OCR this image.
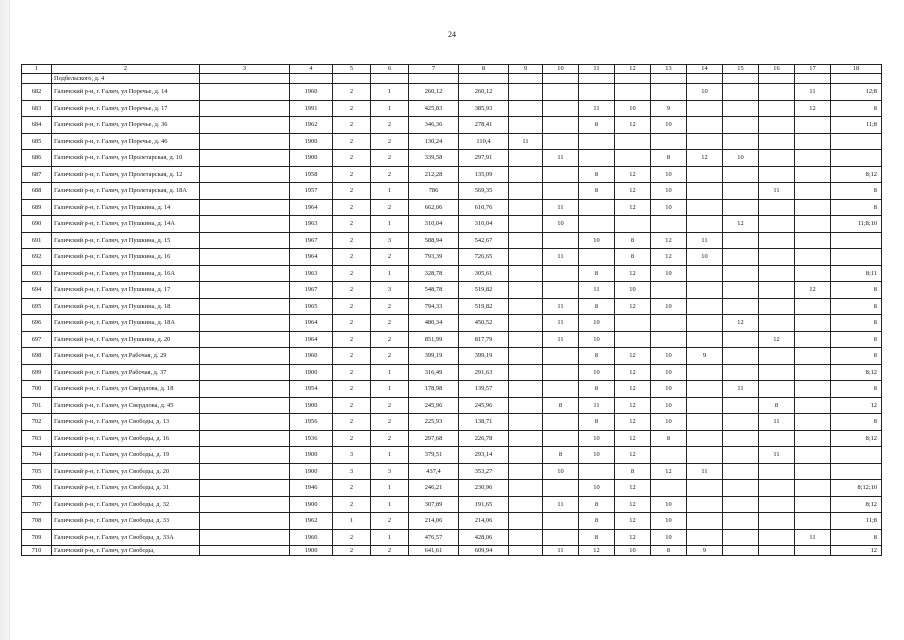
24
1	2	3	4	5	6	7	8	9	10	11	12	13	14	15	16	17	18
	Подбельского, д. 4																
682	Галичский р-н, г. Галич, ул Поречье, д. 14		1960	2	1	260,12	260,12						10			11	12;8
683	Галичский р-н, г. Галич, ул Поречье, д. 17		1991	2	1	425,83	385,93			11	10	9				12	8
684	Галичский р-н, г. Галич, ул Поречье, д. 36		1962	2	2	346,36	278,41			8	12	10					11;8
685	Галичский р-н, г. Галич, ул Поречье, д. 46		1900	2	2	130,24	110,4	11									
686	Галичский р-н, г. Галич, ул Пролетарская, д. 10		1900	2	2	339,58	297,91		11			8	12	10			
687	Галичский р-н, г. Галич, ул Пролетарская, д. 12		1958	2	2	212,28	135,09			8	12	10					8;12
688	Галичский р-н, г. Галич, ул Пролетарская, д. 18А		1957	2	1	786	569,35			8	12	10			11		8
689	Галичский р-н, г. Галич, ул Пушкина, д. 14		1964	2	2	662,06	610,76		11		12	10					8
690	Галичский р-н, г. Галич, ул Пушкина, д. 14А		1963	2	1	310,04	310,04		10					12			11;8;10
691	Галичский р-н, г. Галич, ул Пушкина, д. 15		1967	2	3	588,94	542,67			10	8	12	11				
692	Галичский р-н, г. Галич, ул Пушкина, д. 16		1964	2	2	793,39	726,65		11		8	12	10				
693	Галичский р-н, г. Галич, ул Пушкина, д. 16А		1963	2	1	328,78	305,61			8	12	10					8;11
694	Галичский р-н, г. Галич, ул Пушкина, д. 17		1967	2	3	548,78	519,82			11	10					12	8
695	Галичский р-н, г. Галич, ул Пушкина, д. 18		1965	2	2	794,33	519,82		11	8	12	10					8
696	Галичский р-н, г. Галич, ул Пушкина, д. 18А		1964	2	2	480,34	450,52		11	10				12			8
697	Галичский р-н, г. Галич, ул Пушкина, д. 20		1964	2	2	851,99	817,79		11	10					12		8
698	Галичский р-н, г. Галич, ул Рабочая, д. 29		1960	2	2	399,19	399,19			8	12	10	9				8
699	Галичский р-н, г. Галич, ул Рабочая, д. 37		1900	2	1	316,49	291,63			10	12	10					8;12
700	Галичский р-н, г. Галич, ул Свердлова, д. 18		1954	2	1	178,98	139,57			8	12	10		11			8
701	Галичский р-н, г. Галич, ул Свердлова, д. 45		1900	2	2	245,96	245,96		8	11	12	10			8		12
702	Галичский р-н, г. Галич, ул Свободы, д. 13		1956	2	2	225,93	138,71			8	12	10			11		8
703	Галичский р-н, г. Галич, ул Свободы, д. 16		1936	2	2	297,68	226,78			10	12	8					8;12
704	Галичский р-н, г. Галич, ул Свободы, д. 19		1900	3	1	379,51	293,14		8	10	12				11		
705	Галичский р-н, г. Галич, ул Свободы, д. 20		1900	3	3	437,4	353,27		10		8	12	11				
706	Галичский р-н, г. Галич, ул Свободы, д. 31		1946	2	1	246,21	230,96			10	12						8;12;10
707	Галичский р-н, г. Галич, ул Свободы, д. 32		1900	2	1	307,89	191,65		11	8	12	10					8;12
708	Галичский р-н, г. Галич, ул Свободы, д. 33		1962	1	2	214,06	214,06			8	12	10					11;8
709	Галичский р-н, г. Галич, ул Свободы, д. 33А		1960	2	1	476,57	428,06			8	12	10				11	8
710	Галичский р-н, г. Галич, ул Свободы,		1900	2	2	641,61	609,94		11	12	10	8	9				12
